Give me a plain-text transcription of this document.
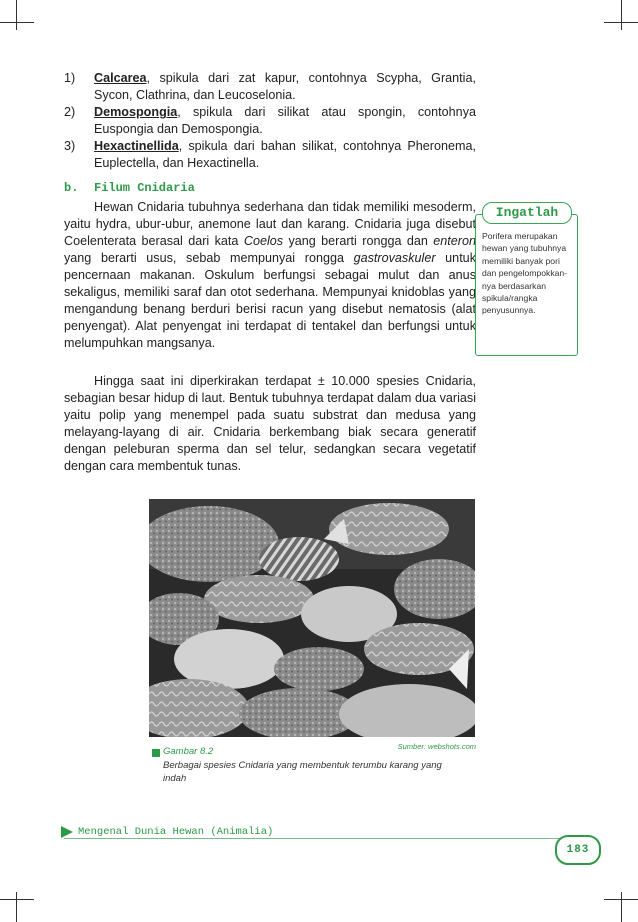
1)	Calcarea, spikula dari zat kapur, contohnya Scypha, Grantia, Sycon, Clathrina, dan Leucoselonia.
2)	Demospongia, spikula dari silikat atau spongin, contohnya Euspongia dan Demospongia.
3)	Hexactinellida, spikula dari bahan silikat, contohnya Pheronema, Euplectella, dan Hexactinella.
b. Filum Cnidaria

Hewan Cnidaria tubuhnya sederhana dan tidak memiliki mesoderm, yaitu hydra, ubur-ubur, anemone laut dan karang. Cnidaria juga disebut Coelenterata berasal dari kata Coelos yang berarti rongga dan enteron yang berarti usus, sebab mempunyai rongga gastrovaskuler untuk pencernaan makanan. Oskulum berfungsi sebagai mulut dan anus sekaligus, memiliki saraf dan otot sederhana. Mempunyai knidoblas yang mengandung benang berduri berisi racun yang disebut nematosis (alat penyengat). Alat penyengat ini terdapat di tentakel dan berfungsi untuk melumpuhkan mangsanya.

Hingga saat ini diperkirakan terdapat ± 10.000 spesies Cnidaria, sebagian besar hidup di laut. Bentuk tubuhnya terdapat dalam dua variasi yaitu polip yang menempel pada suatu substrat dan medusa yang melayang-layang di air. Cnidaria berkembang biak secara generatif dengan peleburan sperma dan sel telur, sedangkan secara vegetatif dengan cara membentuk tunas.

Ingatlah
Porifera merupakan hewan yang tubuhnya memiliki banyak pori dan pengelompokkan-nya berdasarkan spikula/rangka penyusunnya.
Sumber: webshots.com
Gambar 8.2
Berbagai spesies Cnidaria yang membentuk terumbu karang yang indah
Mengenal Dunia Hewan (Animalia)
183
